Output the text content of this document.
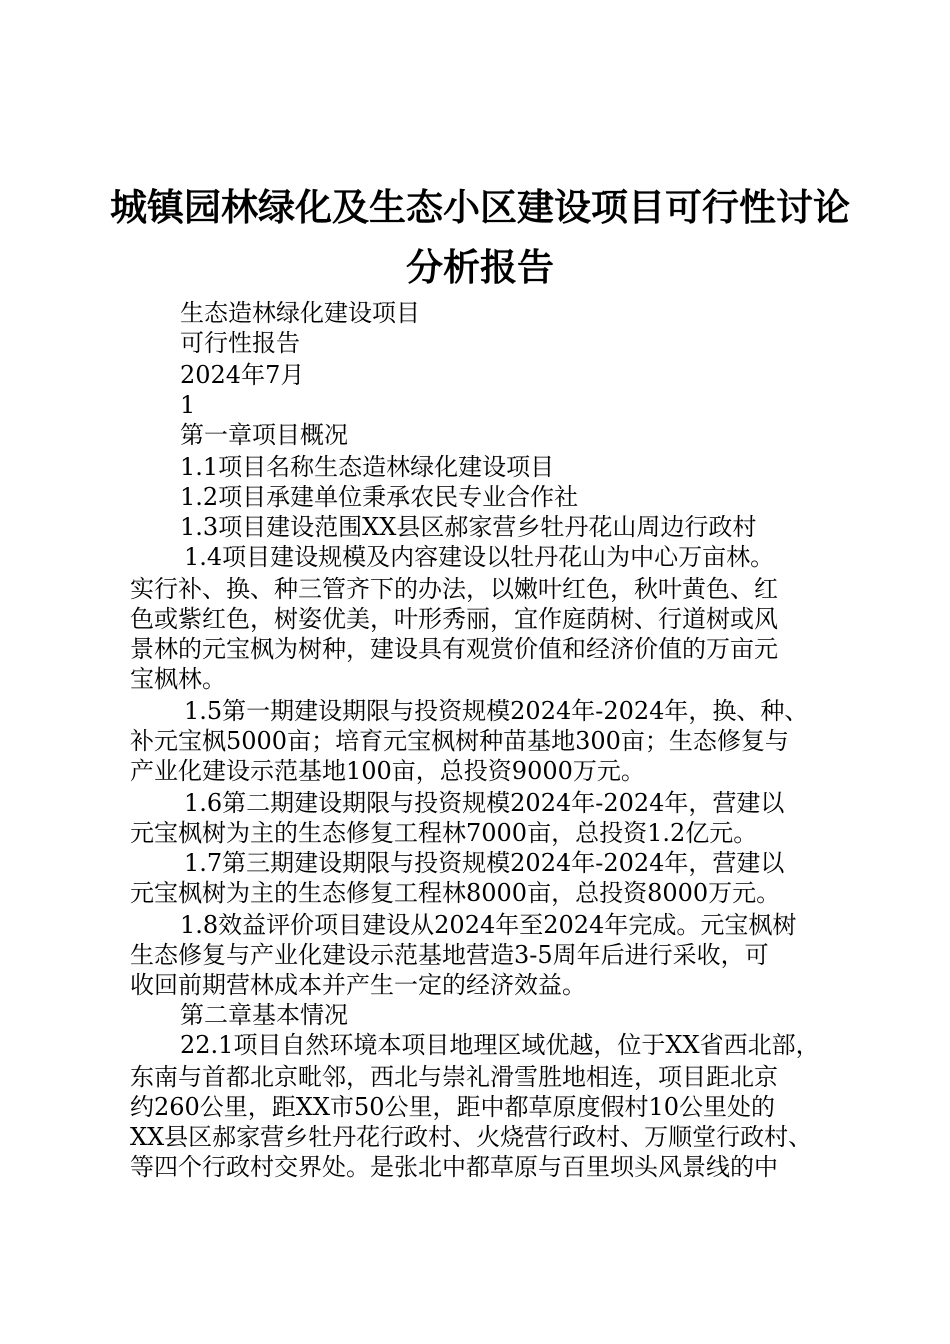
城镇园林绿化及生态小区建设项目可行性讨论
分析报告
生态造林绿化建设项目
可行性报告
2024年7月
1
第一章项目概况
1.1项目名称生态造林绿化建设项目
1.2项目承建单位秉承农民专业合作社
1.3项目建设范围XX县区郝家营乡牡丹花山周边行政村
1.4项目建设规模及内容建设以牡丹花山为中心万亩林。
实行补、换、种三管齐下的办法，以嫩叶红色，秋叶黄色、红
色或紫红色，树姿优美，叶形秀丽，宜作庭荫树、行道树或风
景林的元宝枫为树种，建设具有观赏价值和经济价值的万亩元
宝枫林。
1.5第一期建设期限与投资规模2024年-2024年，换、种、
补元宝枫5000亩；培育元宝枫树种苗基地300亩；生态修复与
产业化建设示范基地100亩，总投资9000万元。
1.6第二期建设期限与投资规模2024年-2024年，营建以
元宝枫树为主的生态修复工程林7000亩，总投资1.2亿元。
1.7第三期建设期限与投资规模2024年-2024年，营建以
元宝枫树为主的生态修复工程林8000亩，总投资8000万元。
1.8效益评价项目建设从2024年至2024年完成。元宝枫树
生态修复与产业化建设示范基地营造3-5周年后进行采收，可
收回前期营林成本并产生一定的经济效益。
第二章基本情况
22.1项目自然环境本项目地理区域优越，位于XX省西北部，
东南与首都北京毗邻，西北与崇礼滑雪胜地相连，项目距北京
约260公里，距XX市50公里，距中都草原度假村10公里处的
XX县区郝家营乡牡丹花行政村、火烧营行政村、万顺堂行政村、
等四个行政村交界处。是张北中都草原与百里坝头风景线的中
